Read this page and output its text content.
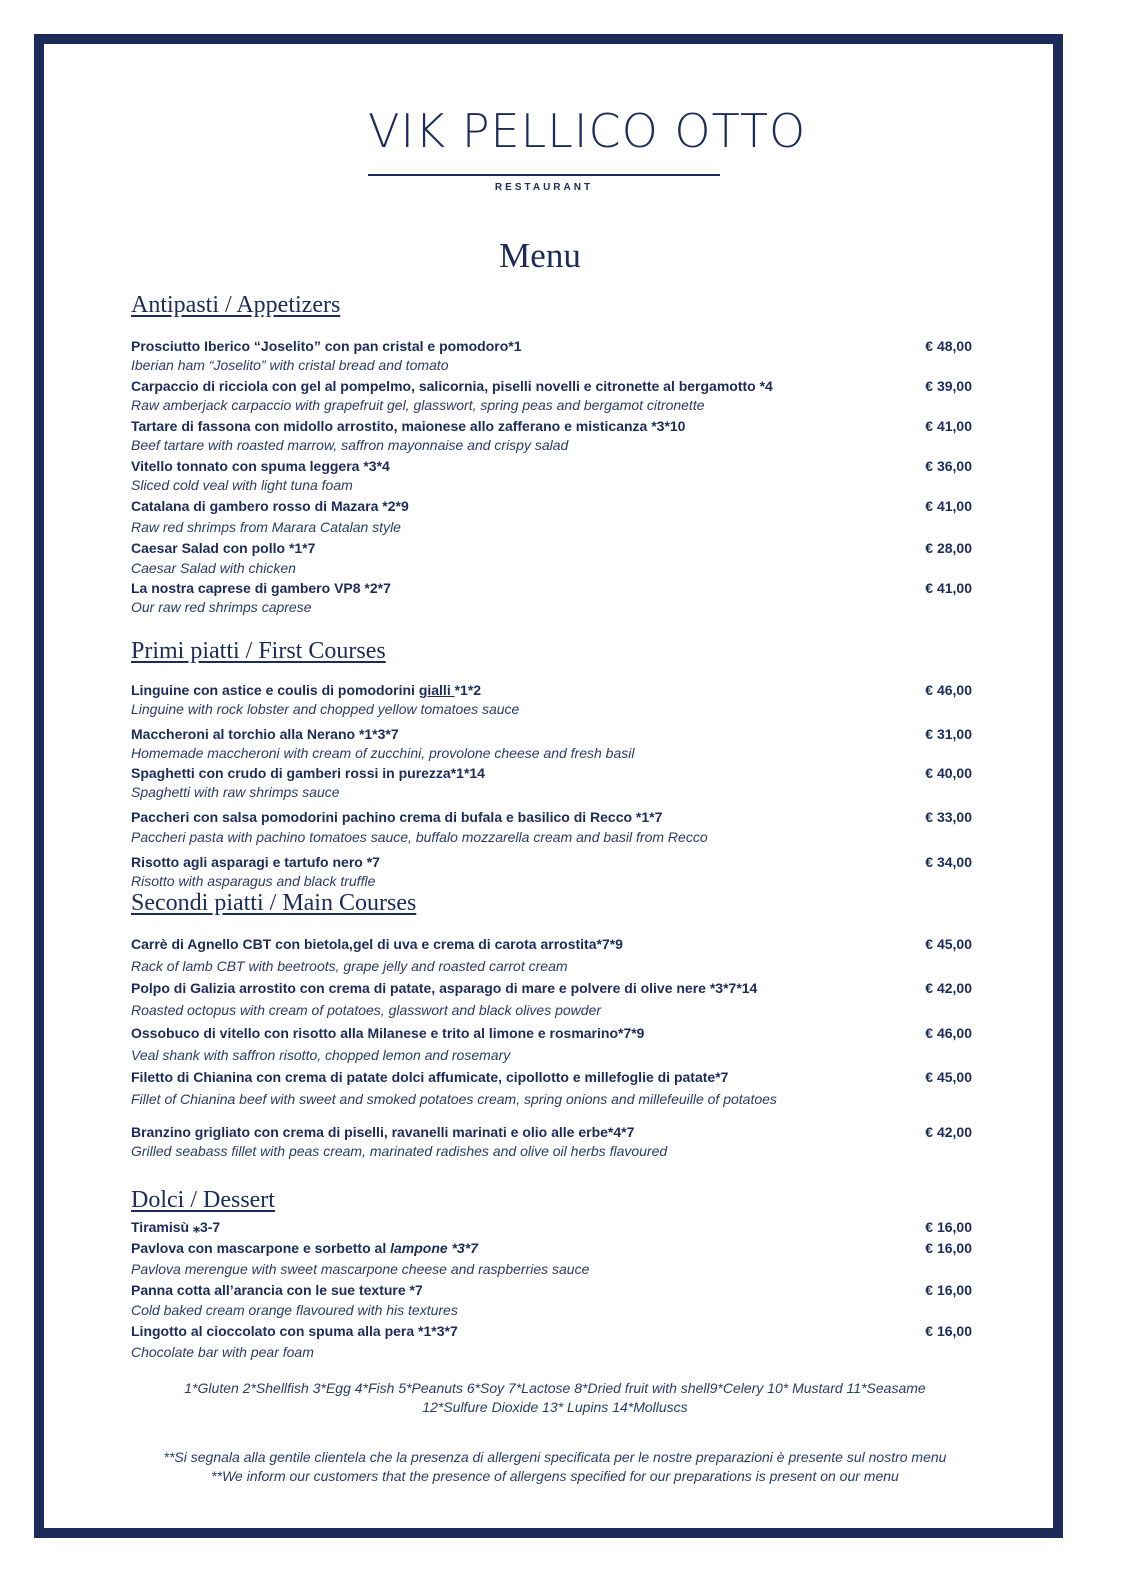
VIK PELLICO OTTO
RESTAURANT
Menu
Antipasti / Appetizers
Prosciutto Iberico “Joselito” con pan cristal e pomodoro*1	€ 48,00
Iberian ham “Joselito” with cristal bread and tomato
Carpaccio di ricciola con gel al pompelmo, salicornia, piselli novelli e citronette al bergamotto *4	€ 39,00
Raw amberjack carpaccio with grapefruit gel, glasswort, spring peas and bergamot citronette
Tartare di fassona con midollo arrostito, maionese allo zafferano e misticanza *3*10	€ 41,00
Beef tartare with roasted marrow, saffron mayonnaise and crispy salad
Vitello tonnato con spuma leggera *3*4	€ 36,00
Sliced cold veal with light tuna foam
Catalana di gambero rosso di Mazara *2*9	€ 41,00
Raw red shrimps from Marara Catalan style
Caesar Salad con pollo *1*7	€ 28,00
Caesar Salad with chicken
La nostra caprese di gambero VP8 *2*7	€ 41,00
Our raw red shrimps caprese
Primi piatti / First Courses
Linguine con astice e coulis di pomodorini gialli *1*2	€ 46,00
Linguine with rock lobster and chopped yellow tomatoes sauce
Maccheroni al torchio alla Nerano *1*3*7	€ 31,00
Homemade maccheroni with cream of zucchini, provolone cheese and fresh basil
Spaghetti con crudo di gamberi rossi in purezza*1*14	€ 40,00
Spaghetti with raw shrimps sauce
Paccheri con salsa pomodorini pachino crema di bufala e basilico di Recco *1*7	€ 33,00
Paccheri pasta with pachino tomatoes sauce, buffalo mozzarella cream and basil from Recco
Risotto agli asparagi e tartufo nero *7	€ 34,00
Risotto with asparagus and black truffle
Secondi piatti / Main Courses
Carrè di Agnello CBT con bietola,gel di uva e crema di carota arrostita*7*9	€ 45,00
Rack of lamb CBT with beetroots, grape jelly and roasted carrot cream
Polpo di Galizia arrostito con crema di patate, asparago di mare e polvere di olive nere *3*7*14	€ 42,00
Roasted octopus with cream of potatoes, glasswort and black olives powder
Ossobuco di vitello con risotto alla Milanese e trito al limone e rosmarino*7*9	€ 46,00
Veal shank with saffron risotto, chopped lemon and rosemary
Filetto di Chianina con crema di patate dolci affumicate, cipollotto e millefoglie di patate*7	€ 45,00
Fillet of Chianina beef with sweet and smoked potatoes cream, spring onions and millefeuille of potatoes
Branzino grigliato con crema di piselli, ravanelli marinati e olio alle erbe*4*7	€ 42,00
Grilled seabass fillet with peas cream, marinated radishes and olive oil herbs flavoured
Dolci / Dessert
Tiramisù ⁎3-7	€ 16,00
Pavlova con mascarpone e sorbetto al lampone *3*7	€ 16,00
Pavlova merengue with sweet mascarpone cheese and raspberries sauce
Panna cotta all’arancia con le sue texture *7	€ 16,00
Cold baked cream orange flavoured with his textures
Lingotto al cioccolato con spuma alla pera *1*3*7	€ 16,00
Chocolate bar with pear foam
1*Gluten 2*Shellfish 3*Egg 4*Fish 5*Peanuts 6*Soy 7*Lactose 8*Dried fruit with shell9*Celery 10* Mustard 11*Seasame
12*Sulfure Dioxide 13* Lupins 14*Molluscs
**Si segnala alla gentile clientela che la presenza di allergeni specificata per le nostre preparazioni è presente sul nostro menu
**We inform our customers that the presence of allergens specified for our preparations is present on our menu
